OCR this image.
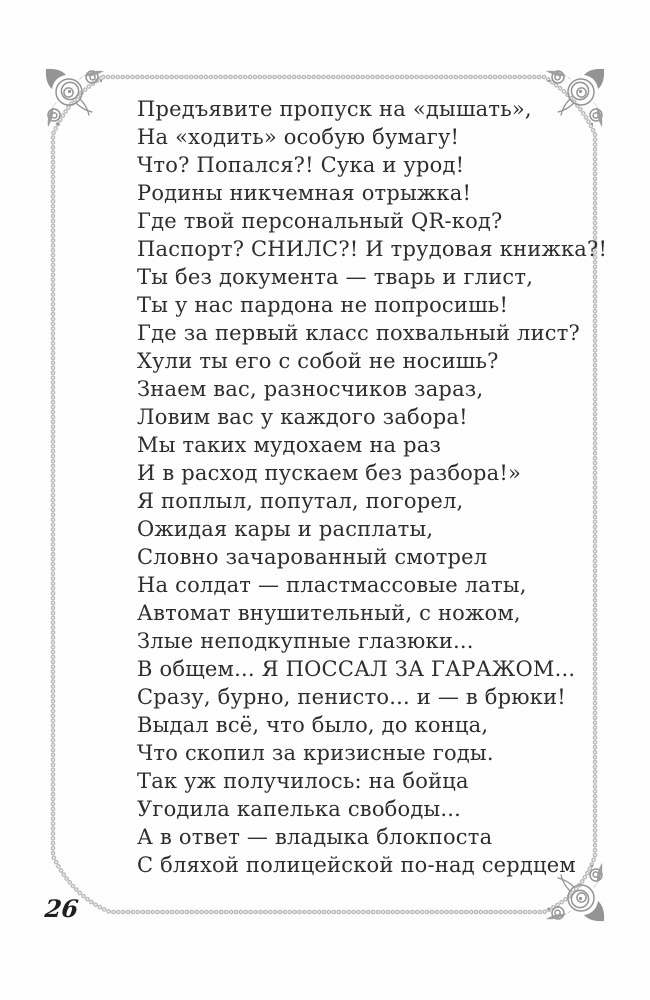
Предъявите пропуск на «дышать»,
На «ходить» особую бумагу!
Что? Попался?! Сука и урод!
Родины никчемная отрыжка!
Где твой персональный QR-код?
Паспорт? СНИЛС?! И трудовая книжка?!
Ты без документа — тварь и глист,
Ты у нас пардона не попросишь!
Где за первый класс похвальный лист?
Хули ты его с собой не носишь?
Знаем вас, разносчиков зараз,
Ловим вас у каждого забора!
Мы таких мудохаем на раз
И в расход пускаем без разбора!»
Я поплыл, попутал, погорел,
Ожидая кары и расплаты,
Словно зачарованный смотрел
На солдат — пластмассовые латы,
Автомат внушительный, с ножом,
Злые неподкупные глазюки...
В общем... Я ПОССАЛ ЗА ГАРАЖОМ...
Сразу, бурно, пенисто... и — в брюки!
Выдал всё, что было, до конца,
Что скопил за кризисные годы.
Так уж получилось: на бойца
Угодила капелька свободы...
А в ответ — владыка блокпоста
С бляхой полицейской по-над сердцем
26
